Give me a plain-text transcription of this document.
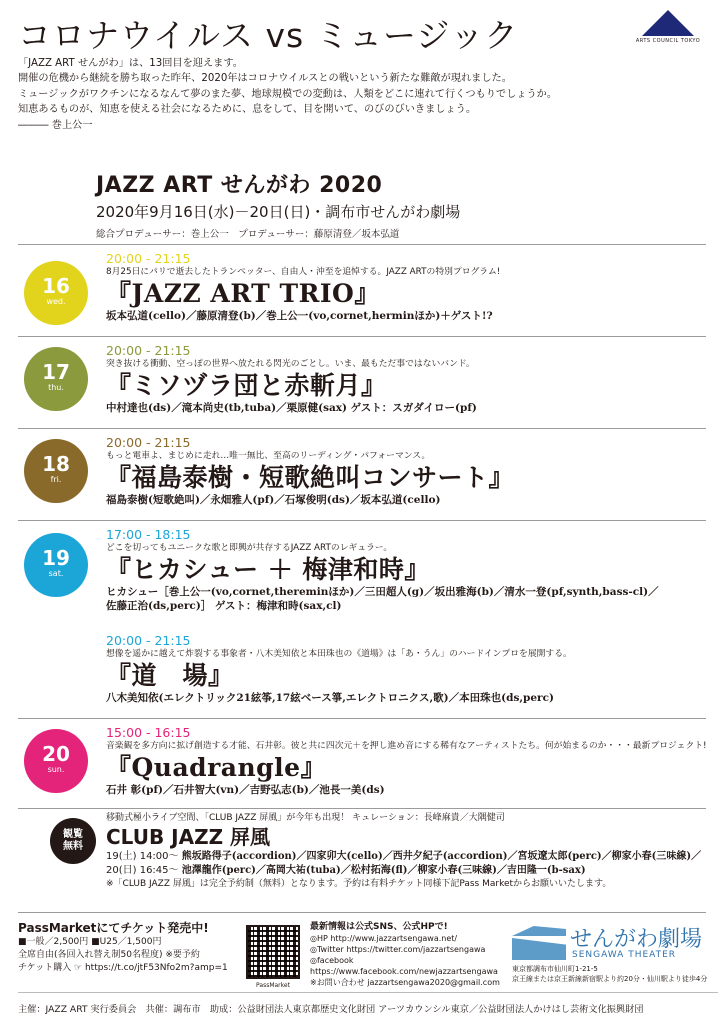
コロナウイルス vs ミュージック	ARTS COUNCIL TOKYO

「JAZZ ART せんがわ」は、13回目を迎えます。

開催の危機から継続を勝ち取った昨年、2020年はコロナウイルスとの戦いという新たな難敵が現れました。

ミュージックがワクチンになるなんて夢のまた夢、地球規模での変動は、人類をどこに連れて行くつもりでしょうか。

知恵あるものが、知恵を使える社会になるために、息をして、目を開いて、のびのびいきましょう。

――― 巻上公一

JAZZ ART せんがわ 2020
2020年9月16日(水)－20日(日)・調布市せんがわ劇場
総合プロデューサー：巻上公一　プロデューサー：藤原清登／坂本弘道
16
wed.
20:00 - 21:15
8月25日にパリで逝去したトランペッター、自由人・沖至を追悼する。JAZZ ARTの特別プログラム!
『JAZZ ART TRIO』
坂本弘道(cello)／藤原清登(b)／巻上公一(vo,cornet,herminほか)＋ゲスト!?
17
thu.
20:00 - 21:15
突き抜ける衝動、空っぽの世界へ放たれる閃光のごとし。いま、最もただ事ではないバンド。
『ミソヅラ団と赤斬月』
中村達也(ds)／滝本尚史(tb,tuba)／栗原健(sax) ゲスト：スガダイロー(pf)
18
fri.
20:00 - 21:15
もっと電車よ、まじめに走れ…唯一無比、至高のリーディング・パフォーマンス。
『福島泰樹・短歌絶叫コンサート』
福島泰樹(短歌絶叫)／永畑雅人(pf)／石塚俊明(ds)／坂本弘道(cello)
19
sat.
17:00 - 18:15
どこを切ってもユニークな歌と即興が共存するJAZZ ARTのレギュラー。
『ヒカシュー ＋ 梅津和時』
ヒカシュー［巻上公一(vo,cornet,thereminほか)／三田超人(g)／坂出雅海(b)／清水一登(pf,synth,bass-cl)／
佐藤正治(ds,perc)］ ゲスト：梅津和時(sax,cl)
20:00 - 21:15
想像を遥かに越えて炸裂する事象者・八木美知依と本田珠也の《道場》は「あ・うん」のハードインプロを展開する。
『道　場』
八木美知依(エレクトリック21絃筝,17絃ベース箏,エレクトロニクス,歌)／本田珠也(ds,perc)
20
sun.
15:00 - 16:15
音楽観を多方向に拡げ創造する才能、石井彰。彼と共に四次元＋を押し進め音にする稀有なアーティストたち。何が始まるのか・・・最新プロジェクト!
『Quadrangle』
石井 彰(pf)／石井智大(vn)／吉野弘志(b)／池長一美(ds)
観覧
無料
移動式極小ライブ空間、「CLUB JAZZ 屏風」が今年も出現！ キュレーション：長峰麻貴／大隅健司
CLUB JAZZ 屏風
19(土) 14:00～ 熊坂路得子(accordion)／四家卯大(cello)／西井夕紀子(accordion)／宮坂遼太郎(perc)／柳家小春(三味線)／
20(日) 16:45～ 池澤龍作(perc)／高岡大祐(tuba)／松村拓海(fl)／柳家小春(三味線)／吉田隆一(b-sax)
※「CLUB JAZZ 屏風」は完全予約制（無料）となります。予約は有料チケット同様下記Pass Marketからお願いいたします。
PassMarketにてチケット発売中!
■一般／2,500円 ■U25／1,500円
全席自由(各回入れ替え制50名程度) ※要予約
チケット購入 ☞ https://t.co/jtF53Nfo2m?amp=1
PassMarket
最新情報は公式SNS、公式HPで!
◎HP http://www.jazzartsengawa.net/
◎Twitter https://twitter.com/jazzartsengawa
◎facebook
https://www.facebook.com/newjazzartsengawa
※お問い合わせ jazzartsengawa2020@gmail.com
せんがわ劇場
SENGAWA THEATER
東京都調布市仙川町1-21-5
京王線または京王新線新宿駅より約20分・仙川駅より徒歩4分
主催：JAZZ ART 実行委員会　共催：調布市　助成：公益財団法人東京都歴史文化財団 アーツカウンシル東京／公益財団法人かけはし芸術文化振興財団
